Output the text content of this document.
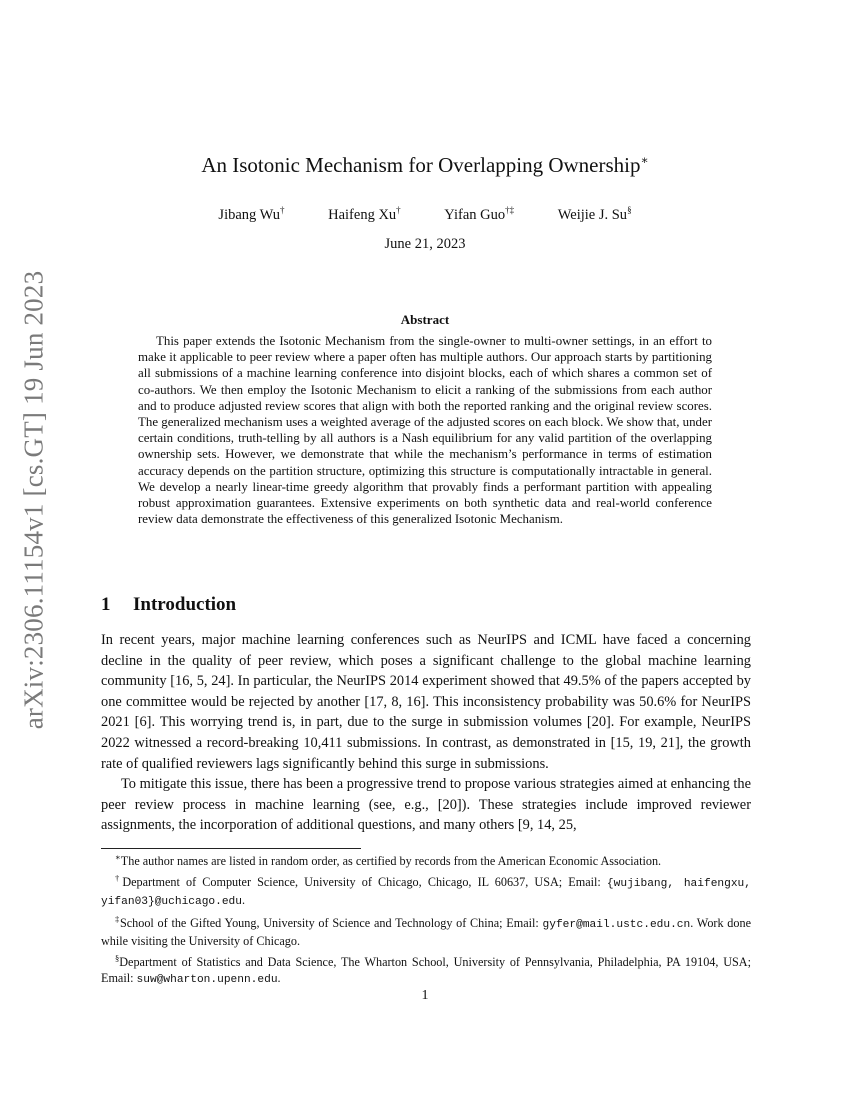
arXiv:2306.11154v1 [cs.GT] 19 Jun 2023
An Isotonic Mechanism for Overlapping Ownership∗
Jibang Wu†	Haifeng Xu†	Yifan Guo†‡	Weijie J. Su§
June 21, 2023
Abstract

This paper extends the Isotonic Mechanism from the single-owner to multi-owner settings, in an effort to make it applicable to peer review where a paper often has multiple authors. Our approach starts by partitioning all submissions of a machine learning conference into disjoint blocks, each of which shares a common set of co-authors. We then employ the Isotonic Mechanism to elicit a ranking of the submissions from each author and to produce adjusted review scores that align with both the reported ranking and the original review scores. The generalized mechanism uses a weighted average of the adjusted scores on each block. We show that, under certain conditions, truth-telling by all authors is a Nash equilibrium for any valid partition of the overlapping ownership sets. However, we demonstrate that while the mechanism’s performance in terms of estimation accuracy depends on the partition structure, optimizing this structure is computationally intractable in general. We develop a nearly linear-time greedy algorithm that provably finds a performant partition with appealing robust approximation guarantees. Extensive experiments on both synthetic data and real-world conference review data demonstrate the effectiveness of this generalized Isotonic Mechanism.

1 Introduction

In recent years, major machine learning conferences such as NeurIPS and ICML have faced a concerning decline in the quality of peer review, which poses a significant challenge to the global machine learning community [16, 5, 24]. In particular, the NeurIPS 2014 experiment showed that 49.5% of the papers accepted by one committee would be rejected by another [17, 8, 16]. This inconsistency probability was 50.6% for NeurIPS 2021 [6]. This worrying trend is, in part, due to the surge in submission volumes [20]. For example, NeurIPS 2022 witnessed a record-breaking 10,411 submissions. In contrast, as demonstrated in [15, 19, 21], the growth rate of qualified reviewers lags significantly behind this surge in submissions.

To mitigate this issue, there has been a progressive trend to propose various strategies aimed at enhancing the peer review process in machine learning (see, e.g., [20]). These strategies include improved reviewer assignments, the incorporation of additional questions, and many others [9, 14, 25,

∗The author names are listed in random order, as certified by records from the American Economic Association.

†Department of Computer Science, University of Chicago, Chicago, IL 60637, USA; Email: {wujibang, haifengxu, yifan03}@uchicago.edu.

‡School of the Gifted Young, University of Science and Technology of China; Email: gyfer@mail.ustc.edu.cn. Work done while visiting the University of Chicago.

§Department of Statistics and Data Science, The Wharton School, University of Pennsylvania, Philadelphia, PA 19104, USA; Email: suw@wharton.upenn.edu.

1
